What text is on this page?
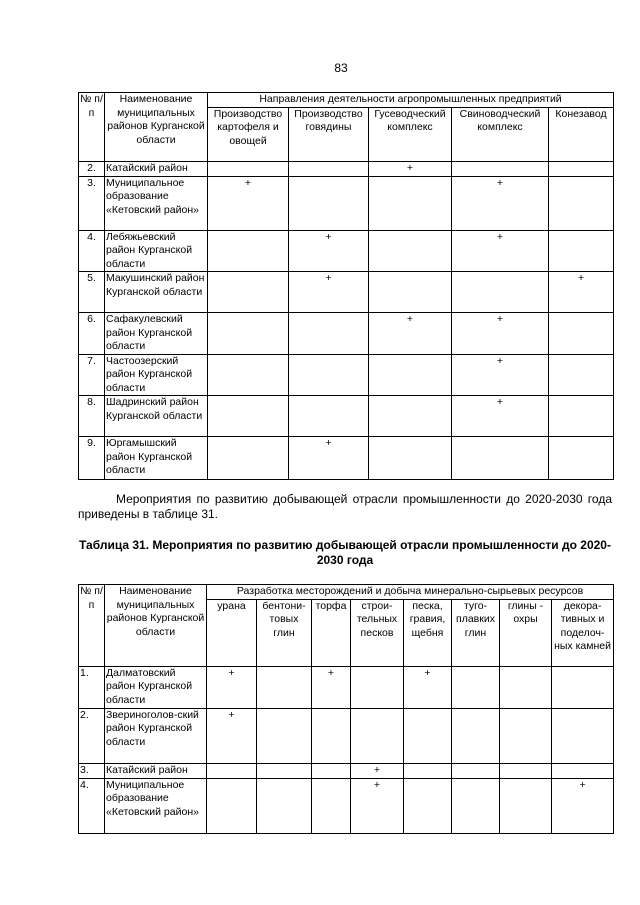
83
№ п/п	Наименование муниципальных районов Курганской области	Направления деятельности агропромышленных предприятий				
		Производство картофеля и овощей	Производство говядины	Гусеводческий комплекс	Свиноводческий комплекс	Конезавод
2.	Катайский район			+		
3.	Муниципальное образование «Кетовский район»	+			+	
4.	Лебяжьевский район Курганской области		+		+	
5.	Макушинский район Курганской области		+			+
6.	Сафакулевский район Курганской области			+	+	
7.	Частоозерский район Курганской области				+	
8.	Шадринский район Курганской области				+	
9.	Юргамышский район Курганской области		+			
Мероприятия по развитию добывающей отрасли промышленности до 2020-2030 года приведены в таблице 31.
Таблица 31. Мероприятия по развитию добывающей отрасли промышленности до 2020-2030 года
№ п/п	Наименование муниципальных районов Курганской области	Разработка месторождений и добыча минерально-сырьевых ресурсов							
		урана	бентони-товых глин	торфа	строи-тельных песков	песка, гравия, щебня	туго-плавких глин	глины - охры	декора-тивных и поделоч-ных камней
1.	Далматовский район Курганской области	+		+		+			
2.	Звериноголов-ский район Курганской области	+							
3.	Катайский район				+				
4.	Муниципальное образование «Кетовский район»				+				+
